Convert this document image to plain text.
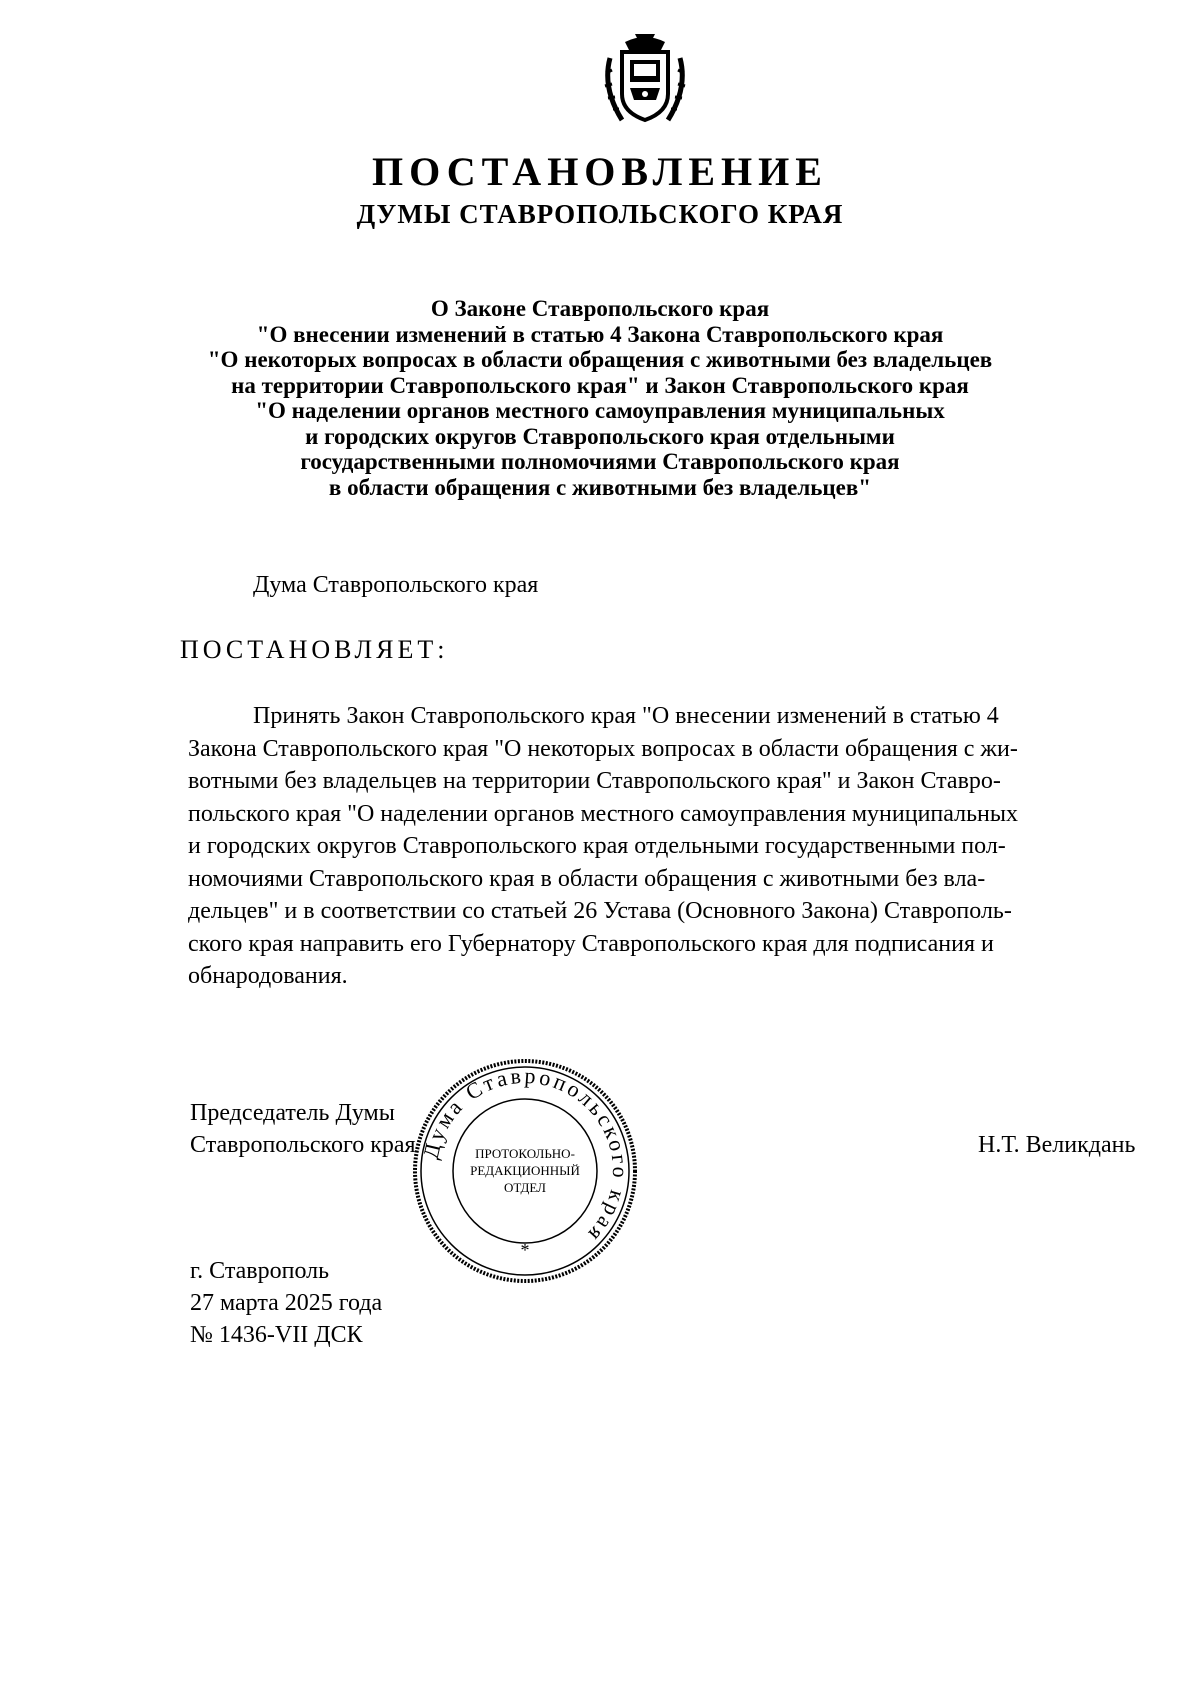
ПОСТАНОВЛЕНИЕ
ДУМЫ СТАВРОПОЛЬСКОГО КРАЯ
О Законе Ставропольского края
"О внесении изменений в статью 4 Закона Ставропольского края
"О некоторых вопросах в области обращения с животными без владельцев
на территории Ставропольского края" и Закон Ставропольского края
"О наделении органов местного самоуправления муниципальных
и городских округов Ставропольского края отдельными
государственными полномочиями Ставропольского края
в области обращения с животными без владельцев"
Дума Ставропольского края
ПОСТАНОВЛЯЕТ:
Принять Закон Ставропольского края "О внесении изменений в статью 4
Закона Ставропольского края "О некоторых вопросах в области обращения с жи-
вотными без владельцев на территории Ставропольского края" и Закон Ставро-
польского края "О наделении органов местного самоуправления муниципальных
и городских округов Ставропольского края отдельными государственными пол-
номочиями Ставропольского края в области обращения с животными без вла-
дельцев" и в соответствии со статьей 26 Устава (Основного Закона) Ставрополь-
ского края направить его Губернатору Ставропольского края для подписания и
обнародования.
Председатель Думы
Ставропольского края	Н.Т. Великдань
Дума Ставропольского края
ПРОТОКОЛЬНО-
РЕДАКЦИОННЫЙ
ОТДЕЛ
*
г. Ставрополь
27 марта 2025 года
№ 1436-VII ДСК
